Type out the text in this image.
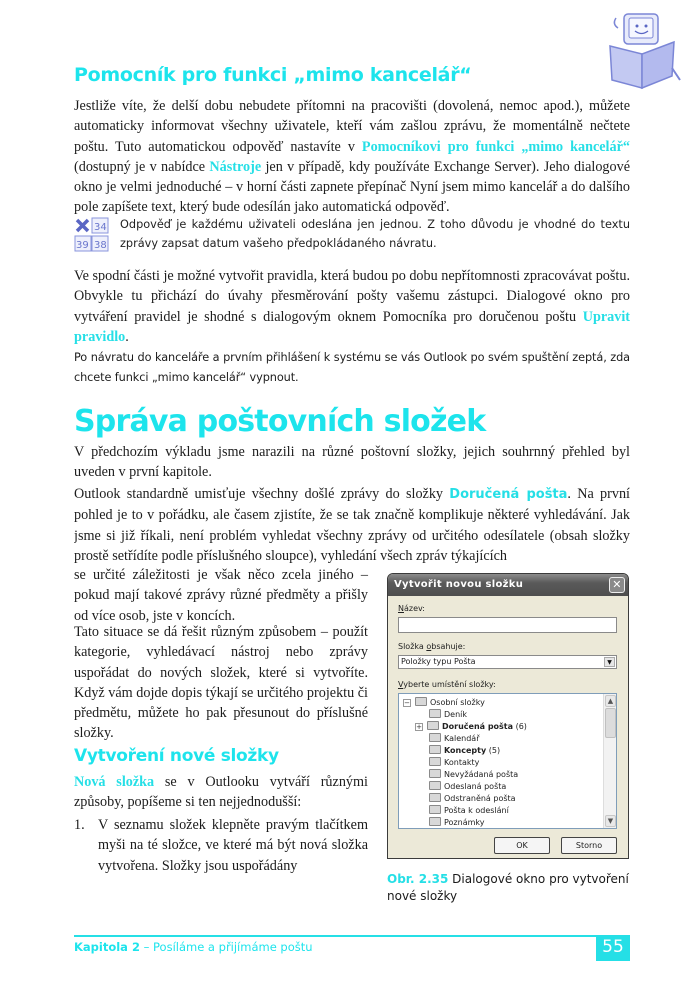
Pomocník pro funkci „mimo kancelář“
Jestliže víte, že delší dobu nebudete přítomni na pracovišti (dovolená, nemoc apod.), můžete automaticky informovat všechny uživatele, kteří vám zašlou zprávu, že momentálně nečtete poštu. Tuto automatickou odpověď nastavíte v Pomocníkovi pro funkci „mimo kancelář“ (dostupný je v nabídce Nástroje jen v případě, kdy používáte Exchange Server). Jeho dialogové okno je velmi jednoduché – v horní části zapnete přepínač Nyní jsem mimo kancelář a do dalšího pole zapíšete text, který bude odesílán jako automatická odpověď.
34
39 38
Odpověď je každému uživateli odeslána jen jednou. Z toho důvodu je vhodné do textu zprávy zapsat datum vašeho předpokládaného návratu.
Ve spodní části je možné vytvořit pravidla, která budou po dobu nepřítomnosti zpracovávat poštu. Obvykle tu přichází do úvahy přesměrování pošty vašemu zástupci. Dialogové okno pro vytváření pravidel je shodné s dialogovým oknem Pomocníka pro doručenou poštu Upravit pravidlo.
Po návratu do kanceláře a prvním přihlášení k systému se vás Outlook po svém spuštění zeptá, zda chcete funkci „mimo kancelář“ vypnout.
Správa poštovních složek
V předchozím výkladu jsme narazili na různé poštovní složky, jejich souhrnný přehled byl uveden v první kapitole.
Outlook standardně umisťuje všechny došlé zprávy do složky Doručená pošta. Na první pohled je to v pořádku, ale časem zjistíte, že se tak značně komplikuje některé vyhledávání. Jak jsme si již říkali, není problém vyhledat všechny zprávy od určitého odesílatele (obsah složky prostě setřídíte podle příslušného sloupce), vyhledání všech zpráv týkajících
se určité záležitosti je však něco zcela jiného – pokud mají takové zprávy různé předměty a přišly od více osob, jste v koncích.
Tato situace se dá řešit různým způsobem – použít kategorie, vyhledávací nástroj nebo zprávy uspořádat do nových složek, které si vytvoříte. Když vám dojde dopis týkají se určitého projektu či předmětu, můžete ho pak přesunout do příslušné složky.
Vytvoření nové složky
Nová složka se v Outlooku vytváří různými způsoby, popíšeme si ten nejjednodušší:
1. V seznamu složek klepněte pravým tlačítkem myši na té složce, ve které má být nová složka vytvořena. Složky jsou uspořádány
Vytvořit novou složku	✕
Název:
Složka obsahuje:
Položky typu Pošta	▼
Vyberte umístění složky:
−	Osobní složky
Deník
+	Doručená pošta (6)
Kalendář
Koncepty (5)
Kontakty
Nevyžádaná pošta
Odeslaná pošta
Odstraněná pošta
Pošta k odeslání
Poznámky
▲
▼
OK	Storno
Obr. 2.35 Dialogové okno pro vytvoření nové složky
Kapitola 2 – Posíláme a přijímáme poštu	55
